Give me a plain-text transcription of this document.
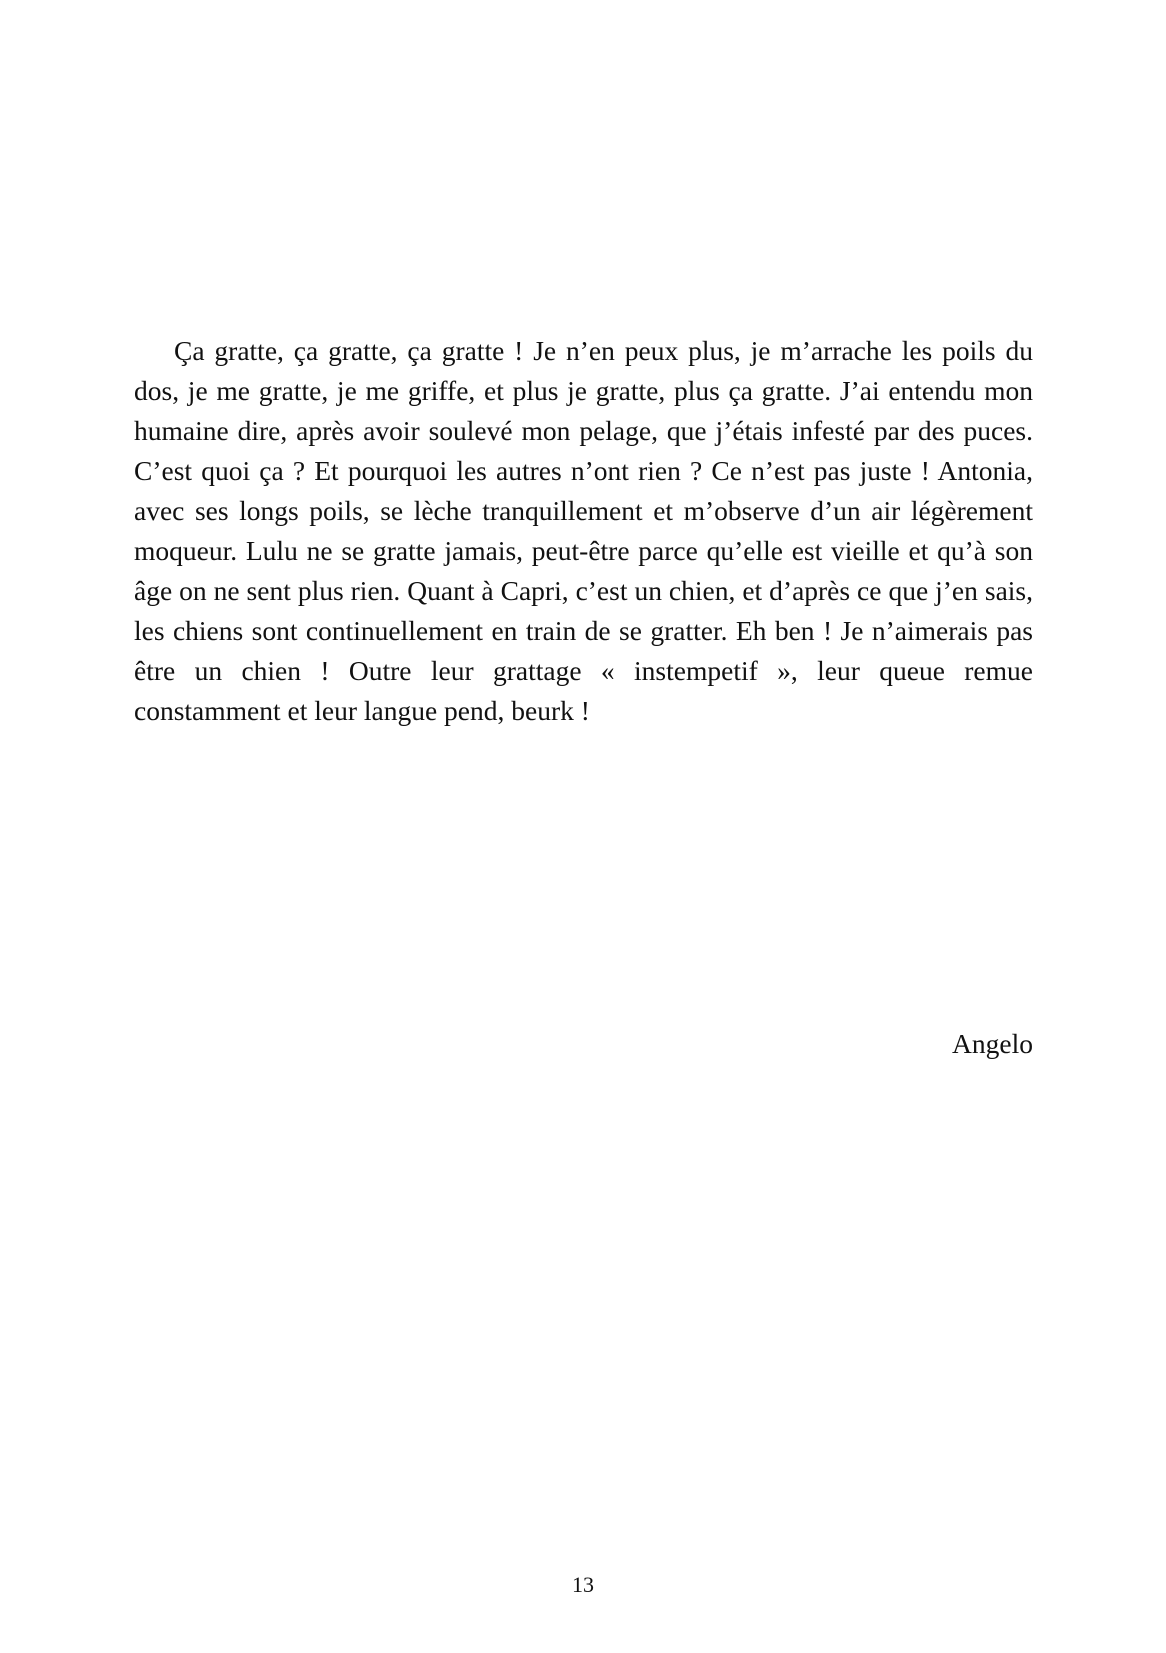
Ça gratte, ça gratte, ça gratte ! Je n’en peux plus, je m’arrache les poils du dos, je me gratte, je me griffe, et plus je gratte, plus ça gratte. J’ai entendu mon humaine dire, après avoir soulevé mon pelage, que j’étais infesté par des puces. C’est quoi ça ? Et pourquoi les autres n’ont rien ? Ce n’est pas juste ! Antonia, avec ses longs poils, se lèche tranquillement et m’observe d’un air légèrement moqueur. Lulu ne se gratte jamais, peut-être parce qu’elle est vieille et qu’à son âge on ne sent plus rien. Quant à Capri, c’est un chien, et d’après ce que j’en sais, les chiens sont continuellement en train de se gratter. Eh ben ! Je n’aimerais pas être un chien ! Outre leur grattage « instempetif », leur queue remue constamment et leur langue pend, beurk !

Angelo

13
